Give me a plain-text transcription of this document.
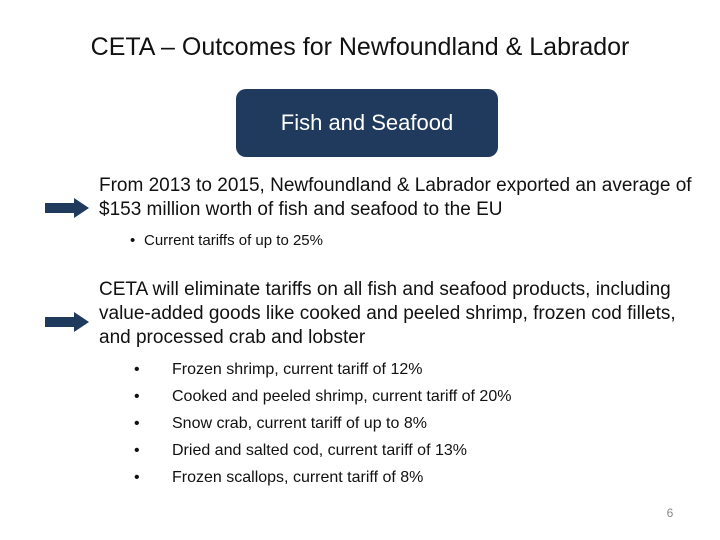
CETA – Outcomes for Newfoundland & Labrador
Fish and Seafood
From 2013 to 2015, Newfoundland & Labrador exported an average of $153 million worth of fish and seafood to the EU
• Current tariffs of up to 25%
CETA will eliminate tariffs on all fish and seafood products, including value-added goods like cooked and peeled shrimp, frozen cod fillets, and processed crab and lobster
• Frozen shrimp, current tariff of 12%
• Cooked and peeled shrimp, current tariff of 20%
• Snow crab, current tariff of up to 8%
• Dried and salted cod, current tariff of 13%
• Frozen scallops, current tariff of 8%
6
